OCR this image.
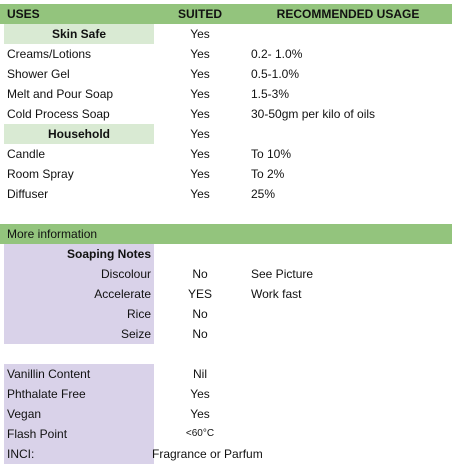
USES	SUITED	RECOMMENDED USAGE
Skin Safe	Yes
Creams/Lotions	Yes	0.2- 1.0%
Shower Gel	Yes	0.5-1.0%
Melt and Pour Soap	Yes	1.5-3%
Cold Process Soap	Yes	30-50gm per kilo of oils
Household	Yes
Candle	Yes	To 10%
Room Spray	Yes	To 2%
Diffuser	Yes	25%
More information
Soaping Notes
Discolour	No	See Picture
Accelerate	YES	Work fast
Rice	No
Seize	No
Vanillin Content	Nil
Phthalate Free	Yes
Vegan	Yes
Flash Point	<60°C
INCI:	Fragrance or Parfum
